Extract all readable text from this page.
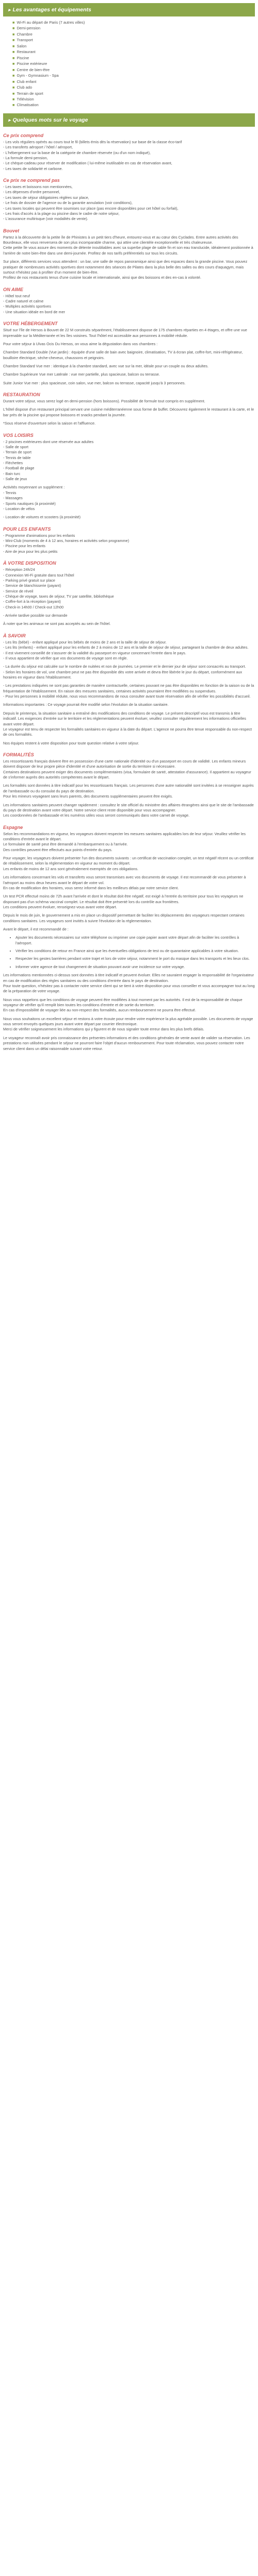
▸ Les avantages et équipements
■ Wi-Fi au départ de Paris (7 autres villes)
■ Demi-pension
■ Chambre
■ Transport
■ Salon
■ Restaurant
■ Piscine
■ Piscine extérieure
■ Centre de bien-être
■ Gym - Gymnasium - Spa
■ Club enfant
■ Club ado
■ Terrain de sport
■ Télévision
■ Climatisation
▸ Quelques mots sur le voyage
Ce prix comprend

- Les vols réguliers opérés au cours tout le fil (billets émis dès la réservation) sur base de la classe éco-tarif
- Les transferts aéroport / hôtel / aéroport,
- L'hébergement sur la base de la catégorie de chambre réservée (ou d'un nom indiqué),
- La formule demi-pension,
- Le chèque-cadeau pour réserver de modification ( lui-même inutilisable en cas de réservation avant,
- Les taxes de solidarité et carbone.

Ce prix ne comprend pas

- Les taxes et boissons non mentionnées,
- Les dépenses d'ordre personnel,
- Les taxes de séjour obligatoires réglées sur place,
- Le frais de dossier de l'agence ou de la garantie annulation (voir conditions),
- Les taxes locales qui peuvent être soumises sur place (pas encore disponibles pour cet hôtel ou forfait),
- Les frais d'accès à la plage ou piscine dans le cadre de notre séjour,
- L'assurance multirisque (voir modalités de vente).

Bouvet

Partez à la découverte de la petite île de Phinistes à un petit tiers d'heure, entourez-vous et au cœur des Cyclades. Entre autres activités des Bourdeaux, elle vous renversera de son plus incomparable charme, qui attire une clientèle exceptionnelle et très chaleureuse.
Cette petite île vous assure des moments de détente inoubliables avec sa superbe plage de sable fin et son eau translucide, idéalement positionnée à l'arrière de notre bien-être dans une demi-journée. Profitez de nos tarifs préférentiels sur tous les circuits.

Sur place, différents services vous attendent : un bar, une salle de repos panoramique ainsi que des espaces dans la grande piscine. Vous pouvez pratiquer de nombreuses activités sportives dont notamment des séances de Pilates dans la plus belle des salles ou des cours d'aquagym, mais surtout n'hésitez pas à profiter d'un moment de bien-être.
Profitez de nos restaurants tenus d'une cuisine locale et internationale, ainsi que des boissons et des en-cas à volonté.

ON AIME

- Hôtel tout neuf
- Cadre naturel et calme
- Multiples activités sportives
- Une situation idéale en bord de mer

VOTRE HÉBERGEMENT

Situé sur l'île de Hersos à Bouvet de 22 M construits séparément, l'établissement dispose de 175 chambres réparties en 4 étages, et offre une vue imprenable sur la Méditerranée et les îles voisines. Tout l'hôtel est accessible aux personnes à mobilité réduite.

Pour votre séjour à Ulvas Ocis Du Hersos, on vous aime la dégustation dans vos chambres :

Chambre Standard Double (Vue jardin) : équipée d'une salle de bain avec baignoire, climatisation, TV à écran plat, coffre-fort, mini-réfrigérateur, bouilloire électrique, sèche-cheveux, chaussons et peignoirs.

Chambre Standard Vue mer : identique à la chambre standard, avec vue sur la mer, idéale pour un couple ou deux adultes.

Chambre Supérieure Vue mer Latérale : vue mer partielle, plus spacieuse, balcon ou terrasse.

Suite Junior Vue mer : plus spacieuse, coin salon, vue mer, balcon ou terrasse, capacité jusqu'à 3 personnes.

RESTAURATION

Durant votre séjour, vous serez logé en demi-pension (hors boissons). Possibilité de formule tout compris en supplément.

L'hôtel dispose d'un restaurant principal servant une cuisine méditerranéenne sous forme de buffet. Découvrez également le restaurant à la carte, et le bar près de la piscine qui propose boissons et snacks pendant la journée.

*Sous réserve d'ouverture selon la saison et l'affluence.

VOS LOISIRS

- 2 piscines extérieures dont une réservée aux adultes
- Salle de sport
- Terrain de sport
- Tennis de table
- Fléchettes
- Football de plage
- Bain turc
- Salle de jeux

Activités moyennant un supplément :
- Tennis
- Massages
- Sports nautiques (à proximité)
- Location de vélos

- Location de voitures et scooters (à proximité)

POUR LES ENFANTS

- Programme d'animations pour les enfants
- Mini-Club (moments de 4 à 12 ans, horaires et activités selon programme)
- Piscine pour les enfants
- Aire de jeux pour les plus petits

À VOTRE DISPOSITION

- Réception 24h/24
- Connexion Wi-Fi gratuite dans tout l'hôtel
- Parking privé gratuit sur place
- Service de blanchisserie (payant)
- Service de réveil
- Chèque de voyage, taxes de séjour, TV par satellite, bibliothèque
- Coffre-fort à la réception (payant)
- Check-in 14h00 / Check-out 12h00

- Arrivée tardive possible sur demande

À noter que les animaux ne sont pas acceptés au sein de l'hôtel.

À SAVOIR

- Les lits (bébé) - enfant appliqué pour les bébés de moins de 2 ans et la taille de séjour de séjour.
- Les lits (enfants) - enfant appliqué pour les enfants de 2 à moins de 12 ans et la taille de séjour de séjour, partageant la chambre de deux adultes.
- Il est vivement conseillé de s'assurer de la validité du passeport en vigueur concernant l'entrée dans le pays.
- Il vous appartient de vérifier que vos documents de voyage sont en règle.

- La durée du séjour est calculée sur le nombre de nuitées et non de journées. Le premier et le dernier jour de séjour sont consacrés au transport.
- Selon les horaires de vol, une chambre peut ne pas être disponible dès votre arrivée et devra être libérée le jour du départ, conformément aux horaires en vigueur dans l'établissement.

- Les prestations indiquées ne sont pas garanties de manière contractuelle, certaines pouvant ne pas être disponibles en fonction de la saison ou de la fréquentation de l'établissement. En raison des mesures sanitaires, certaines activités pourraient être modifiées ou suspendues.
- Pour les personnes à mobilité réduite, nous vous recommandons de nous consulter avant toute réservation afin de vérifier les possibilités d'accueil.

Informations importantes : Ce voyage pourrait être modifié selon l'évolution de la situation sanitaire.

Depuis le printemps, la situation sanitaire a entraîné des modifications des conditions de voyage. Le présent descriptif vous est transmis à titre indicatif. Les exigences d'entrée sur le territoire et les réglementations peuvent évoluer, veuillez consulter régulièrement les informations officielles avant votre départ.
Le voyageur est tenu de respecter les formalités sanitaires en vigueur à la date du départ. L'agence ne pourra être tenue responsable du non-respect de ces formalités.

Nos équipes restent à votre disposition pour toute question relative à votre séjour.

FORMALITÉS

Les ressortissants français doivent être en possession d'une carte nationale d'identité ou d'un passeport en cours de validité. Les enfants mineurs doivent disposer de leur propre pièce d'identité et d'une autorisation de sortie du territoire si nécessaire.
Certaines destinations peuvent exiger des documents complémentaires (visa, formulaire de santé, attestation d'assurance). Il appartient au voyageur de s'informer auprès des autorités compétentes avant le départ.

Les formalités sont données à titre indicatif pour les ressortissants français. Les personnes d'une autre nationalité sont invitées à se renseigner auprès de l'ambassade ou du consulat du pays de destination.
Pour les mineurs voyageant sans leurs parents, des documents supplémentaires peuvent être exigés.

Les informations sanitaires peuvent changer rapidement : consultez le site officiel du ministère des affaires étrangères ainsi que le site de l'ambassade du pays de destination avant votre départ. Notre service client reste disponible pour vous accompagner.
Les coordonnées de l'ambassade et les numéros utiles vous seront communiqués dans votre carnet de voyage.

Espagne

Selon les recommandations en vigueur, les voyageurs doivent respecter les mesures sanitaires applicables lors de leur séjour. Veuillez vérifier les conditions d'entrée avant le départ.
Le formulaire de santé peut être demandé à l'embarquement ou à l'arrivée.
Des contrôles peuvent être effectués aux points d'entrée du pays.

Pour voyager, les voyageurs doivent présenter l'un des documents suivants : un certificat de vaccination complet, un test négatif récent ou un certificat de rétablissement, selon la réglementation en vigueur au moment du départ.
Les enfants de moins de 12 ans sont généralement exemptés de ces obligations.

Les informations concernant les vols et transferts vous seront transmises avec vos documents de voyage. Il est recommandé de vous présenter à l'aéroport au moins deux heures avant le départ de votre vol.
En cas de modification des horaires, vous serez informé dans les meilleurs délais par notre service client.

Un test PCR effectué moins de 72h avant l'arrivée et dont le résultat doit être négatif, est exigé à l'entrée du territoire pour tous les voyageurs ne disposant pas d'un schéma vaccinal complet. Le résultat doit être présenté lors du contrôle aux frontières.
Les conditions peuvent évoluer, renseignez-vous avant votre départ.

Depuis le mois de juin, le gouvernement a mis en place un dispositif permettant de faciliter les déplacements des voyageurs respectant certaines conditions sanitaires. Les voyageurs sont invités à suivre l'évolution de la réglementation.

Avant le départ, il est recommandé de :

• Ajouter les documents nécessaires sur votre téléphone ou imprimer une copie papier avant votre départ afin de faciliter les contrôles à l'aéroport.
• Vérifier les conditions de retour en France ainsi que les éventuelles obligations de test ou de quarantaine applicables à votre situation.
• Respecter les gestes barrières pendant votre trajet et lors de votre séjour, notamment le port du masque dans les transports et les lieux clos.
• Informer votre agence de tout changement de situation pouvant avoir une incidence sur votre voyage.

Les informations mentionnées ci-dessus sont données à titre indicatif et peuvent évoluer. Elles ne sauraient engager la responsabilité de l'organisateur en cas de modification des règles sanitaires ou des conditions d'entrée dans le pays de destination.
Pour toute question, n'hésitez pas à contacter notre service client qui se tient à votre disposition pour vous conseiller et vous accompagner tout au long de la préparation de votre voyage.

Nous vous rappelons que les conditions de voyage peuvent être modifiées à tout moment par les autorités. Il est de la responsabilité de chaque voyageur de vérifier qu'il remplit bien toutes les conditions d'entrée et de sortie du territoire.
En cas d'impossibilité de voyager liée au non-respect des formalités, aucun remboursement ne pourra être effectué.

Nous vous souhaitons un excellent séjour et restons à votre écoute pour rendre votre expérience la plus agréable possible. Les documents de voyage vous seront envoyés quelques jours avant votre départ par courrier électronique.
Merci de vérifier soigneusement les informations qui y figurent et de nous signaler toute erreur dans les plus brefs délais.

Le voyageur reconnaît avoir pris connaissance des présentes informations et des conditions générales de vente avant de valider sa réservation. Les prestations non utilisées pendant le séjour ne pourront faire l'objet d'aucun remboursement. Pour toute réclamation, vous pouvez contacter notre service client dans un délai raisonnable suivant votre retour.
